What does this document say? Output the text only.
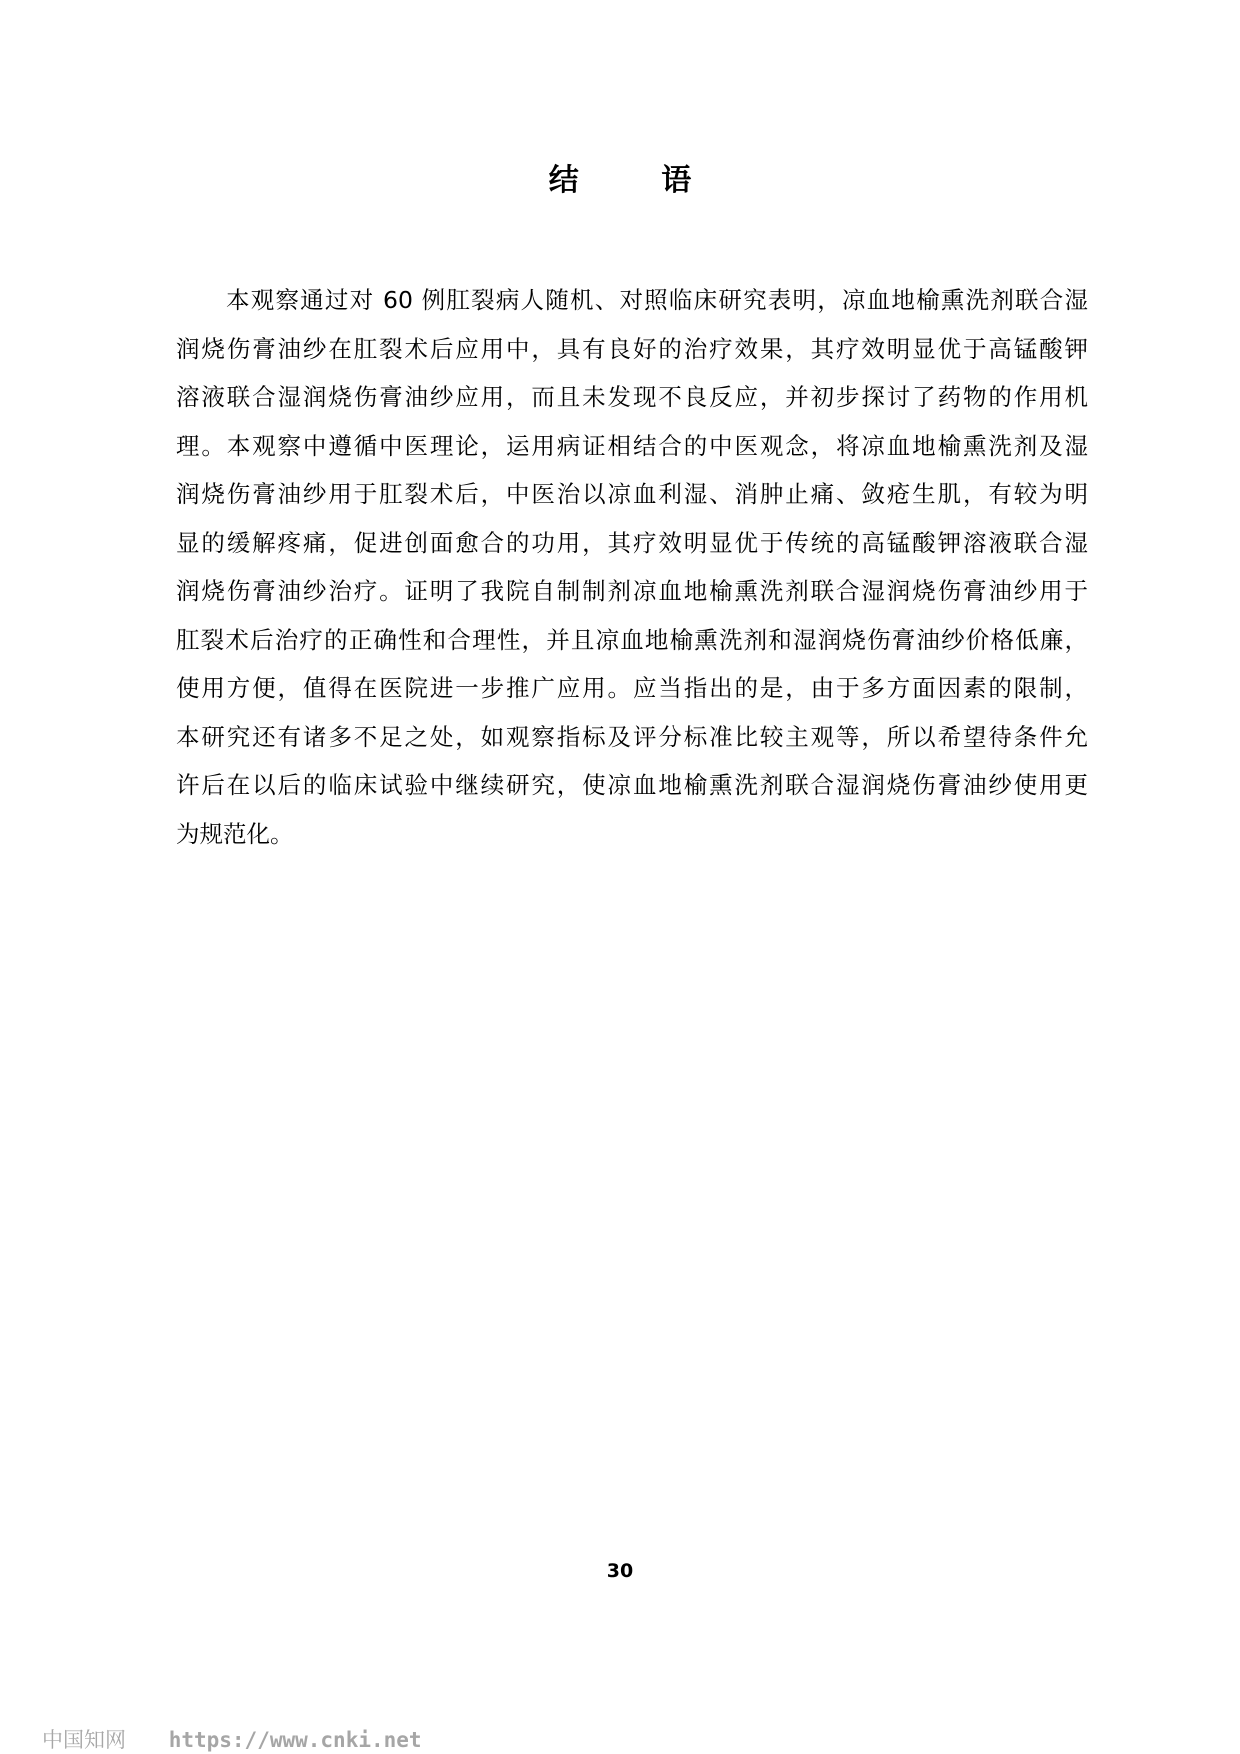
结 语
本观察通过对 60 例肛裂病人随机、对照临床研究表明，凉血地榆熏洗剂联合湿
润烧伤膏油纱在肛裂术后应用中，具有良好的治疗效果，其疗效明显优于高锰酸钾
溶液联合湿润烧伤膏油纱应用，而且未发现不良反应，并初步探讨了药物的作用机
理。本观察中遵循中医理论，运用病证相结合的中医观念，将凉血地榆熏洗剂及湿
润烧伤膏油纱用于肛裂术后，中医治以凉血利湿、消肿止痛、敛疮生肌，有较为明
显的缓解疼痛，促进创面愈合的功用，其疗效明显优于传统的高锰酸钾溶液联合湿
润烧伤膏油纱治疗。证明了我院自制制剂凉血地榆熏洗剂联合湿润烧伤膏油纱用于
肛裂术后治疗的正确性和合理性，并且凉血地榆熏洗剂和湿润烧伤膏油纱价格低廉，
使用方便，值得在医院进一步推广应用。应当指出的是，由于多方面因素的限制，
本研究还有诸多不足之处，如观察指标及评分标准比较主观等，所以希望待条件允
许后在以后的临床试验中继续研究，使凉血地榆熏洗剂联合湿润烧伤膏油纱使用更
为规范化。
30
中国知网 https://www.cnki.net
